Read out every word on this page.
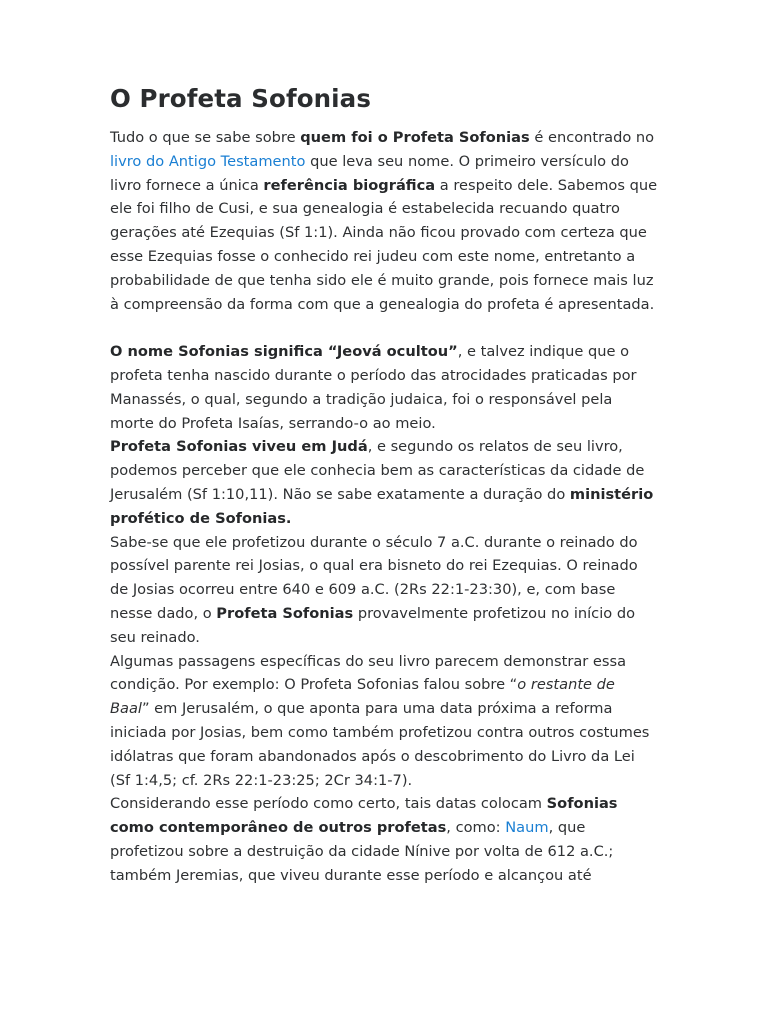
O Profeta Sofonias

Tudo o que se sabe sobre quem foi o Profeta Sofonias é encontrado no livro do Antigo Testamento que leva seu nome. O primeiro versículo do livro fornece a única referência biográfica a respeito dele. Sabemos que ele foi filho de Cusi, e sua genealogia é estabelecida recuando quatro gerações até Ezequias (Sf 1:1). Ainda não ficou provado com certeza que esse Ezequias fosse o conhecido rei judeu com este nome, entretanto a probabilidade de que tenha sido ele é muito grande, pois fornece mais luz à compreensão da forma com que a genealogia do profeta é apresentada.

O nome Sofonias significa “Jeová ocultou”, e talvez indique que o profeta tenha nascido durante o período das atrocidades praticadas por Manassés, o qual, segundo a tradição judaica, foi o responsável pela morte do Profeta Isaías, serrando-o ao meio.

Profeta Sofonias viveu em Judá, e segundo os relatos de seu livro, podemos perceber que ele conhecia bem as características da cidade de Jerusalém (Sf 1:10,11). Não se sabe exatamente a duração do ministério profético de Sofonias.

Sabe-se que ele profetizou durante o século 7 a.C. durante o reinado do possível parente rei Josias, o qual era bisneto do rei Ezequias. O reinado de Josias ocorreu entre 640 e 609 a.C. (2Rs 22:1-23:30), e, com base nesse dado, o Profeta Sofonias provavelmente profetizou no início do seu reinado.

Algumas passagens específicas do seu livro parecem demonstrar essa condição. Por exemplo: O Profeta Sofonias falou sobre “o restante de Baal” em Jerusalém, o que aponta para uma data próxima a reforma iniciada por Josias, bem como também profetizou contra outros costumes idólatras que foram abandonados após o descobrimento do Livro da Lei (Sf 1:4,5; cf. 2Rs 22:1-23:25; 2Cr 34:1-7).

Considerando esse período como certo, tais datas colocam Sofonias como contemporâneo de outros profetas, como: Naum, que profetizou sobre a destruição da cidade Nínive por volta de 612 a.C.; também Jeremias, que viveu durante esse período e alcançou até
